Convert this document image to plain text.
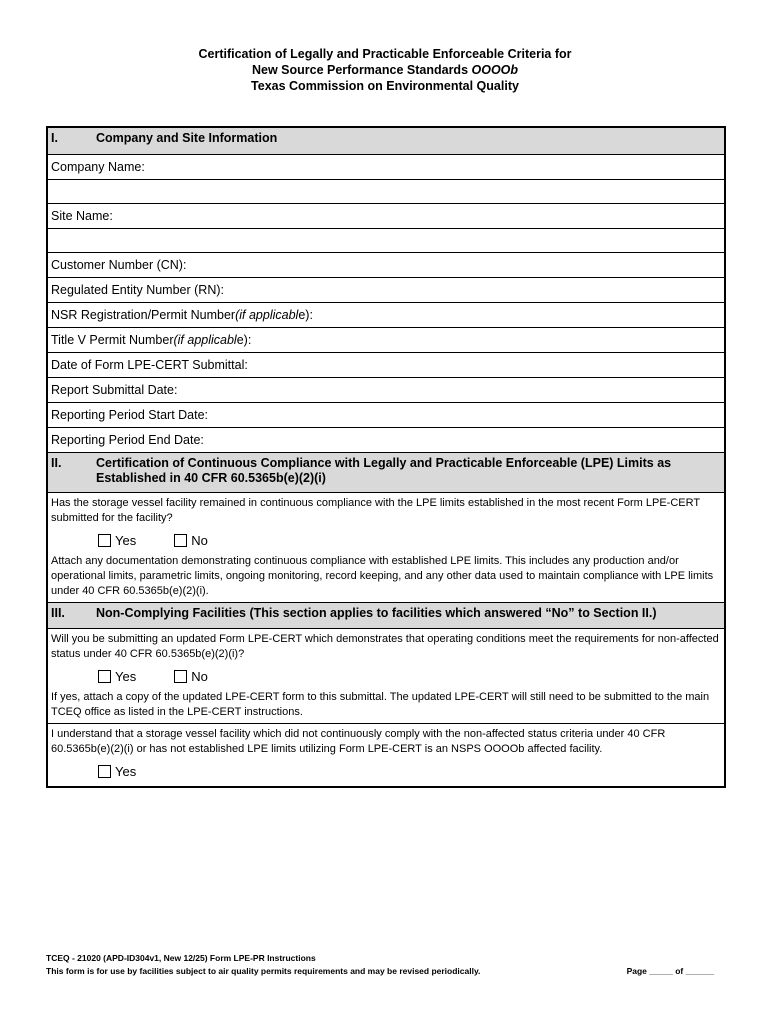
Certification of Legally and Practicable Enforceable Criteria for
New Source Performance Standards OOOOb
Texas Commission on Environmental Quality
I.	Company and Site Information
Company Name:
Site Name:
Customer Number (CN):
Regulated Entity Number (RN):
NSR Registration/Permit Number (if applicabl e):
Title V Permit Number (if applicabl e):
Date of Form LPE-CERT Submittal:
Report Submittal Date:
Reporting Period Start Date:
Reporting Period End Date:
II.	Certification of Continuous Compliance with Legally and Practicable Enforceable (LPE) Limits as Established in 40 CFR 60.5365b(e)(2)(i)
Has the storage vessel facility remained in continuous compliance with the LPE limits established in the most recent Form LPE-CERT submitted for the facility?
Yes	No
Attach any documentation demonstrating continuous compliance with established LPE limits. This includes any production and/or operational limits, parametric limits, ongoing monitoring, record keeping, and any other data used to maintain compliance with LPE limits under 40 CFR 60.5365b(e)(2)(i).
III.	Non-Complying Facilities (This section applies to facilities which answered “No” to Section II.)
Will you be submitting an updated Form LPE-CERT which demonstrates that operating conditions meet the requirements for non-affected status under 40 CFR 60.5365b(e)(2)(i)?
Yes	No
If yes, attach a copy of the updated LPE-CERT form to this submittal. The updated LPE-CERT will still need to be submitted to the main TCEQ office as listed in the LPE-CERT instructions.
I understand that a storage vessel facility which did not continuously comply with the non-affected status criteria under 40 CFR 60.5365b(e)(2)(i) or has not established LPE limits utilizing Form LPE-CERT is an NSPS OOOOb affected facility.
Yes
TCEQ - 21020 (APD-ID304v1, New 12/25) Form LPE-PR Instructions
This form is for use by facilities subject to air quality permits requirements and may be revised periodically.	Page _____ of ______
